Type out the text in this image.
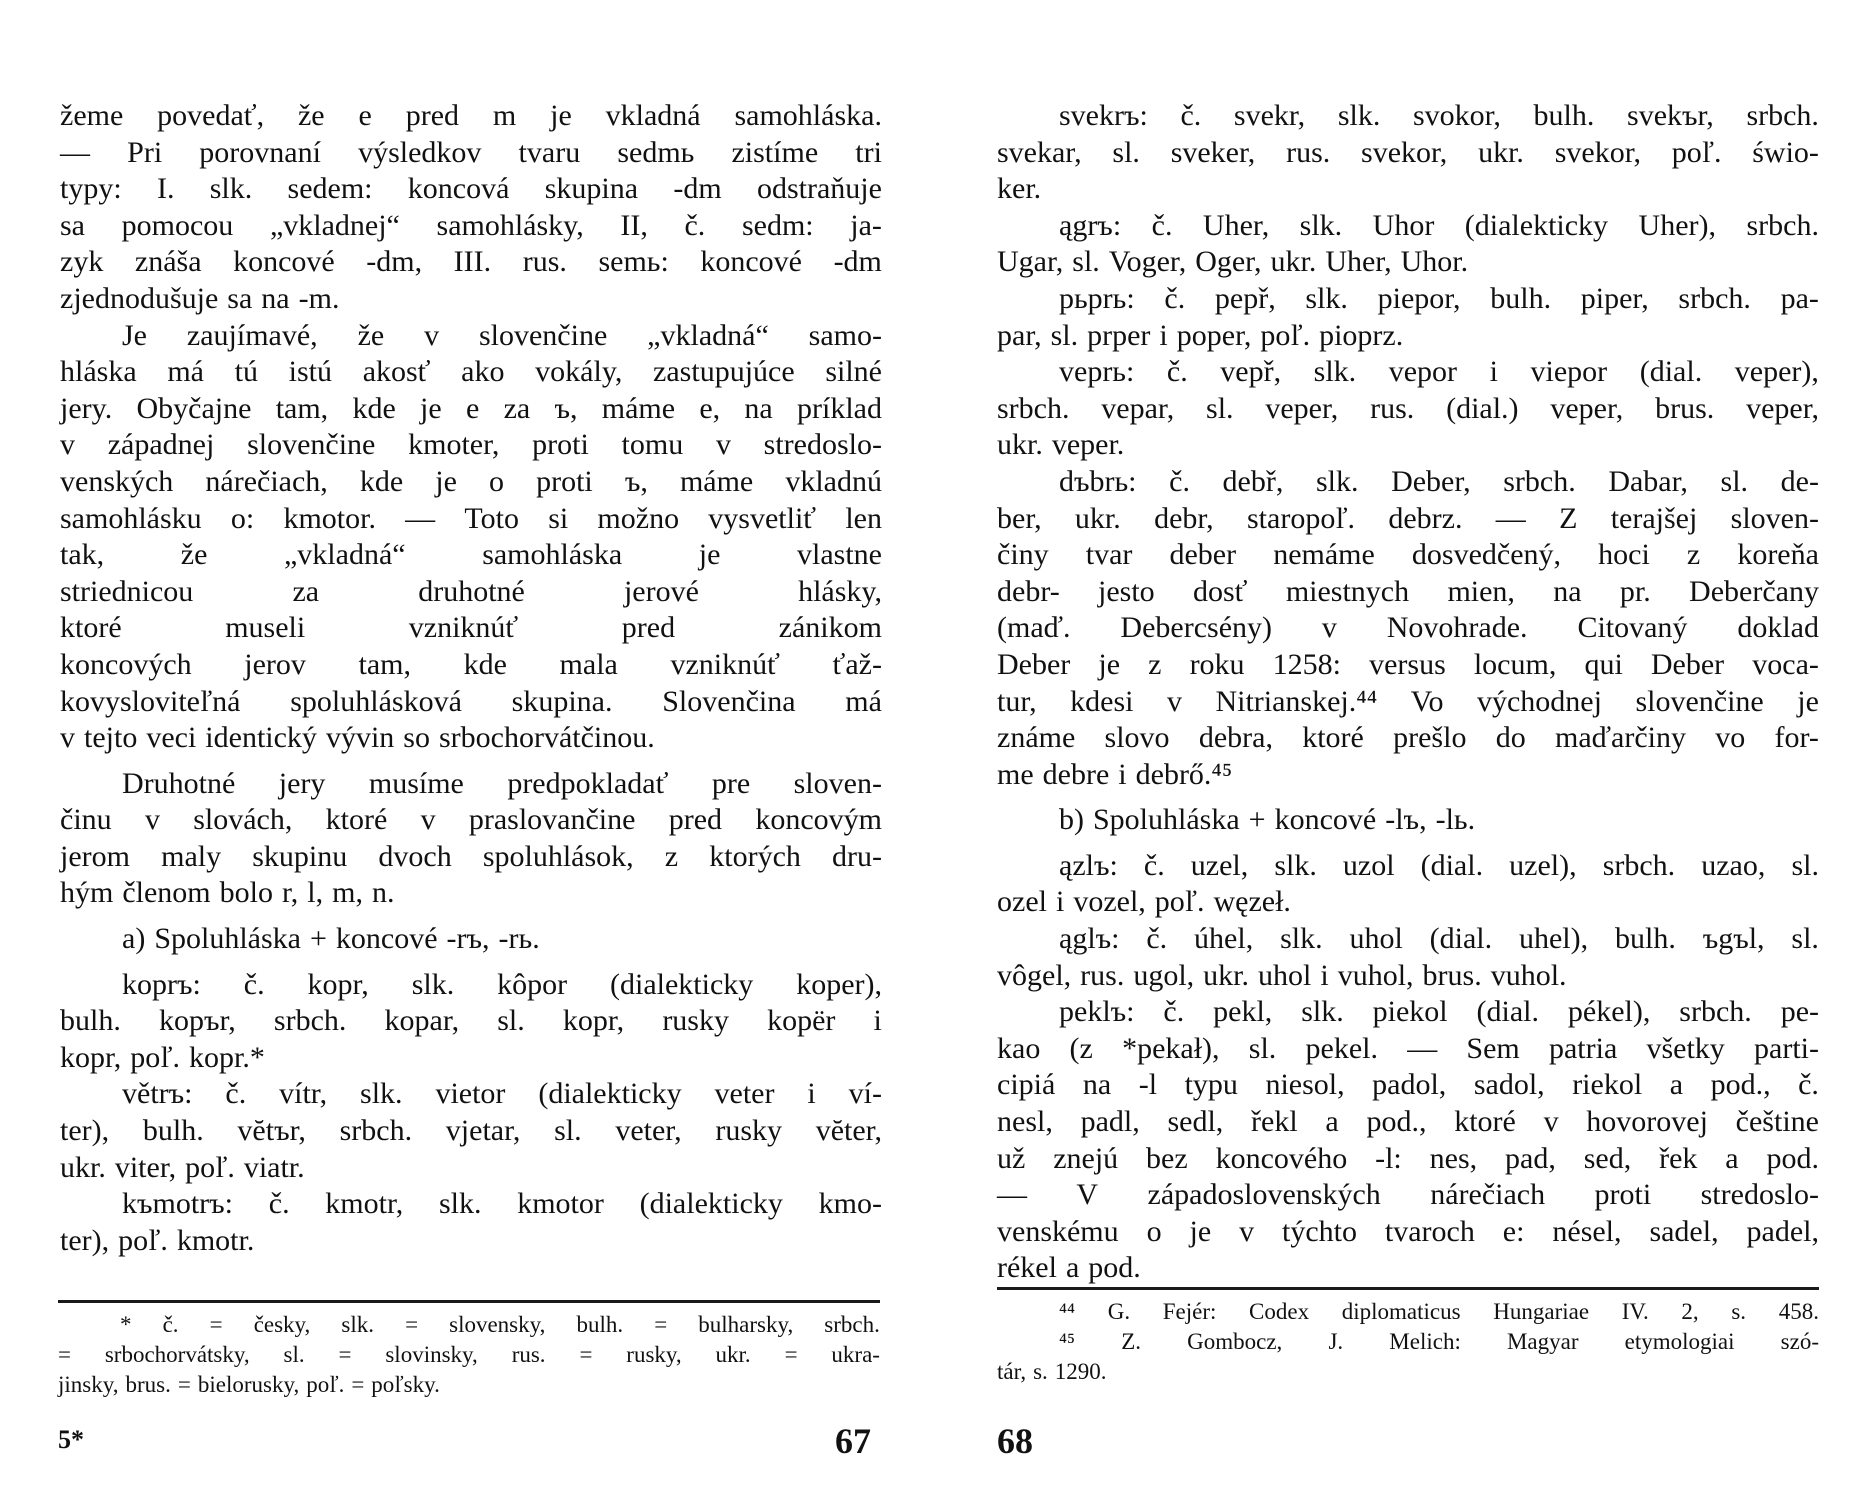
žeme povedať, že e pred m je vkladná samohláska.
— Pri porovnaní výsledkov tvaru sedmь zistíme tri
typy: I. slk. sedem: koncová skupina -dm odstraňuje
sa pomocou „vkladnej“ samohlásky, II, č. sedm: ja-
zyk znáša koncové -dm, III. rus. semь: koncové -dm
zjednodušuje sa na -m.
Je zaujímavé, že v slovenčine „vkladná“ samo-
hláska má tú istú akosť ako vokály, zastupujúce silné
jery. Obyčajne tam, kde je e za ъ, máme e, na príklad
v západnej slovenčine kmoter, proti tomu v stredoslo-
venských nárečiach, kde je o proti ъ, máme vkladnú
samohlásku o: kmotor. — Toto si možno vysvetliť len
tak,	že	„vkladná“	samohláska	je	vlastne
striednicou	za	druhotné	jerové	hlásky,
ktoré	museli	vzniknúť	pred	zánikom
koncových jerov tam, kde mala vzniknúť ťaž-
kovysloviteľná spoluhlásková skupina. Slovenčina má
v tejto veci identický vývin so srbochorvátčinou.
Druhotné jery musíme predpokladať pre sloven-
činu v slovách, ktoré v praslovančine pred koncovým
jerom maly skupinu dvoch spoluhlások, z ktorých dru-
hým členom bolo r, l, m, n.
a) Spoluhláska + koncové -rъ, -rь.
koprъ: č. kopr, slk. kôpor (dialekticky koper),
bulh. kopъr, srbch. kopar, sl. kopr, rusky kopёr i
kopr, poľ. kopr.*
větrъ: č. vítr, slk. vietor (dialekticky veter i ví-
ter), bulh. vĕtъr, srbch. vjetar, sl. veter, rusky vĕter,
ukr. viter, poľ. viatr.
kъmotrъ: č. kmotr, slk. kmotor (dialekticky kmo-
ter), poľ. kmotr.
* č. = česky, slk. = slovensky, bulh. = bulharsky, srbch.
= srbochorvátsky, sl. = slovinsky, rus. = rusky, ukr. = ukra-
jinsky, brus. = bielorusky, poľ. = poľsky.
5*	67
svekrъ: č. svekr, slk. svokor, bulh. svekъr, srbch.
svekar, sl. sveker, rus. svekor, ukr. svekor, poľ. świo-
ker.
ągrъ: č. Uher, slk. Uhor (dialekticky Uher), srbch.
Ugar, sl. Voger, Oger, ukr. Uher, Uhor.
pьprь: č. pepř, slk. piepor, bulh. piper, srbch. pa-
par, sl. prper i poper, poľ. pioprz.
veprь: č. vepř, slk. vepor i viepor (dial. veper),
srbch. vepar, sl. veper, rus. (dial.) veper, brus. veper,
ukr. veper.
dъbrь: č. debř, slk. Deber, srbch. Dabar, sl. de-
ber, ukr. debr, staropoľ. debrz. — Z terajšej sloven-
činy tvar deber nemáme dosvedčený, hoci z koreňa
debr- jesto dosť miestnych mien, na pr. Deberčany
(maď. Debercsény) v Novohrade. Citovaný doklad
Deber je z roku 1258: versus locum, qui Deber voca-
tur, kdesi v Nitrianskej.⁴⁴ Vo východnej slovenčine je
známe slovo debra, ktoré prešlo do maďarčiny vo for-
me debre i debrő.⁴⁵
b) Spoluhláska + koncové -lъ, -lь.
ązlъ: č. uzel, slk. uzol (dial. uzel), srbch. uzao, sl.
ozel i vozel, poľ. węzeł.
ąglъ: č. úhel, slk. uhol (dial. uhel), bulh. ъgъl, sl.
vôgel, rus. ugol, ukr. uhol i vuhol, brus. vuhol.
peklъ: č. pekl, slk. piekol (dial. pékel), srbch. pe-
kao (z *pekał), sl. pekel. — Sem patria všetky parti-
cipiá na -l typu niesol, padol, sadol, riekol a pod., č.
nesl, padl, sedl, řekl a pod., ktoré v hovorovej češtine
už znejú bez koncového -l: nes, pad, sed, řek a pod.
— V západoslovenských nárečiach proti stredoslo-
venskému o je v týchto tvaroch e: nésel, sadel, padel,
rékel a pod.
⁴⁴ G. Fejér: Codex diplomaticus Hungariae IV. 2, s. 458.
⁴⁵ Z. Gombocz, J. Melich: Magyar etymologiai szó-
tár, s. 1290.
68
